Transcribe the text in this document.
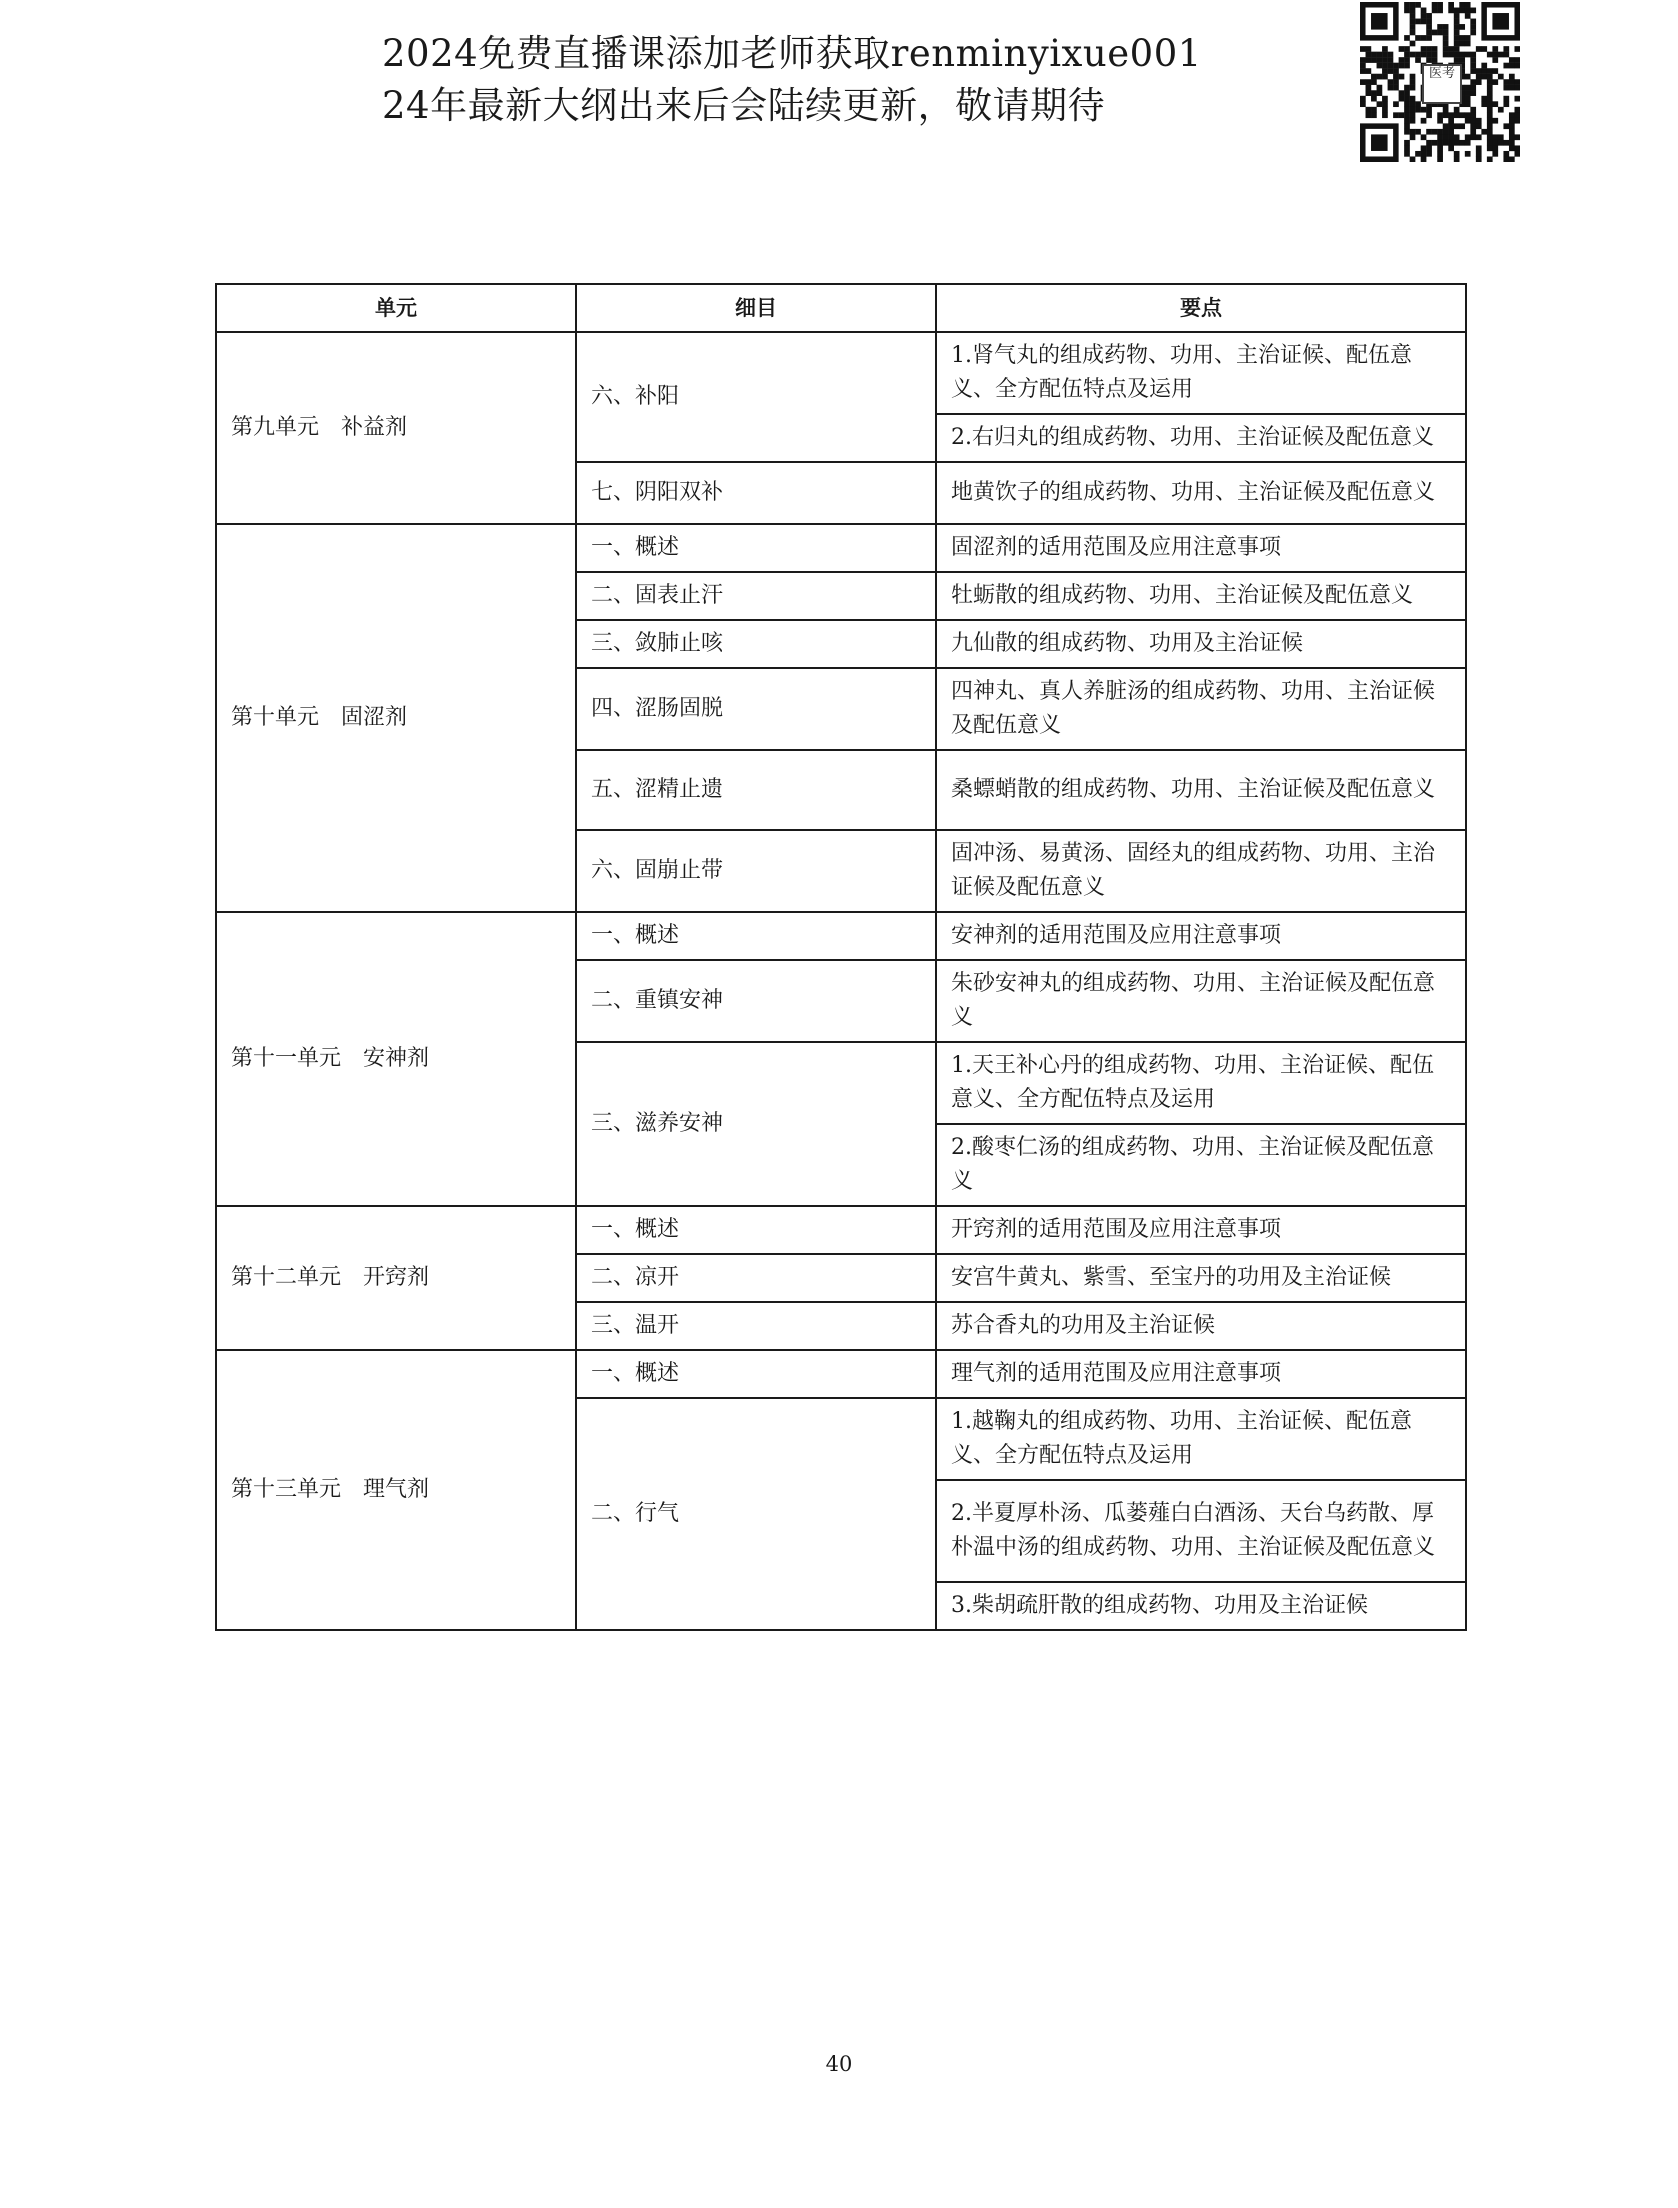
2024免费直播课添加老师获取renminyixue001
24年最新大纲出来后会陆续更新，敬请期待
医考
单元	细目	要点
第九单元　补益剂	六、补阳	1.肾气丸的组成药物、功用、主治证候、配伍意义、全方配伍特点及运用
		2.右归丸的组成药物、功用、主治证候及配伍意义
	七、阴阳双补	地黄饮子的组成药物、功用、主治证候及配伍意义
第十单元　固涩剂	一、概述	固涩剂的适用范围及应用注意事项
	二、固表止汗	牡蛎散的组成药物、功用、主治证候及配伍意义
	三、敛肺止咳	九仙散的组成药物、功用及主治证候
	四、涩肠固脱	四神丸、真人养脏汤的组成药物、功用、主治证候及配伍意义
	五、涩精止遗	桑螵蛸散的组成药物、功用、主治证候及配伍意义
	六、固崩止带	固冲汤、易黄汤、固经丸的组成药物、功用、主治证候及配伍意义
第十一单元　安神剂	一、概述	安神剂的适用范围及应用注意事项
	二、重镇安神	朱砂安神丸的组成药物、功用、主治证候及配伍意义
	三、滋养安神	1.天王补心丹的组成药物、功用、主治证候、配伍意义、全方配伍特点及运用
		2.酸枣仁汤的组成药物、功用、主治证候及配伍意义
第十二单元　开窍剂	一、概述	开窍剂的适用范围及应用注意事项
	二、凉开	安宫牛黄丸、紫雪、至宝丹的功用及主治证候
	三、温开	苏合香丸的功用及主治证候
第十三单元　理气剂	一、概述	理气剂的适用范围及应用注意事项
	二、行气	1.越鞠丸的组成药物、功用、主治证候、配伍意义、全方配伍特点及运用
		2.半夏厚朴汤、瓜蒌薤白白酒汤、天台乌药散、厚朴温中汤的组成药物、功用、主治证候及配伍意义
		3.柴胡疏肝散的组成药物、功用及主治证候
40
